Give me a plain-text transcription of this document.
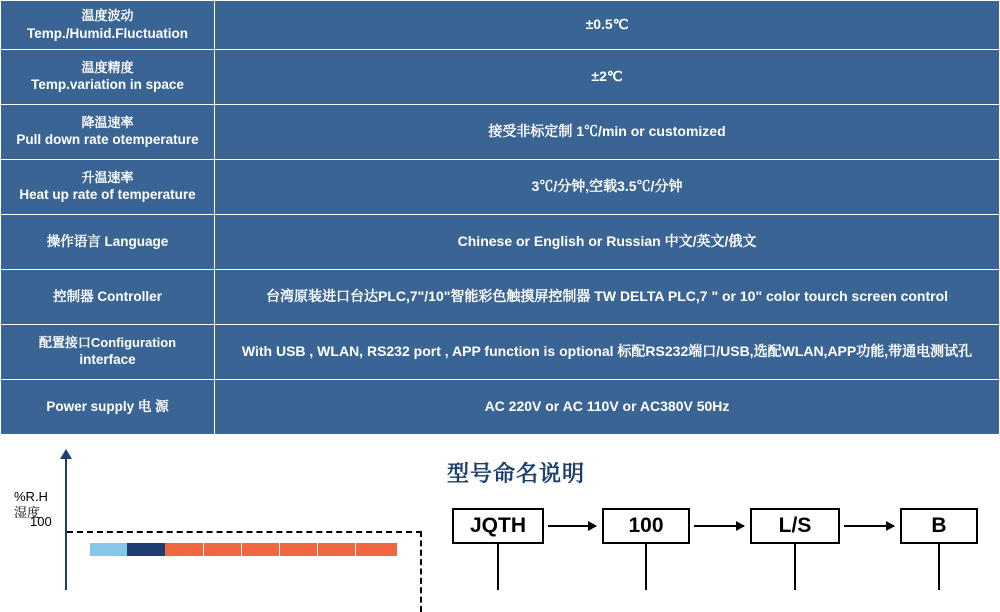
温度波动
Temp./Humid.Fluctuation	±0.5℃

温度精度
Temp.variation in space	±2℃

降温速率
Pull down rate otemperature	接受非标定制 1℃/min or customized

升温速率
Heat up rate of temperature	3℃/分钟,空载3.5℃/分钟

操作语言 Language	Chinese or English or Russian 中文/英文/俄文

控制器 Controller	台湾原装进口台达PLC,7"/10"智能彩色触摸屏控制器 TW DELTA PLC,7 " or 10" color tourch screen control

配置接口Configuration
interface	With USB , WLAN, RS232 port , APP function is optional 标配RS232端口/USB,选配WLAN,APP功能,带通电测试孔

Power supply 电 源	AC 220V or AC 110V or AC380V 50Hz
%R.H
湿度
100
型号命名说明
JQTH	100	L/S	B
